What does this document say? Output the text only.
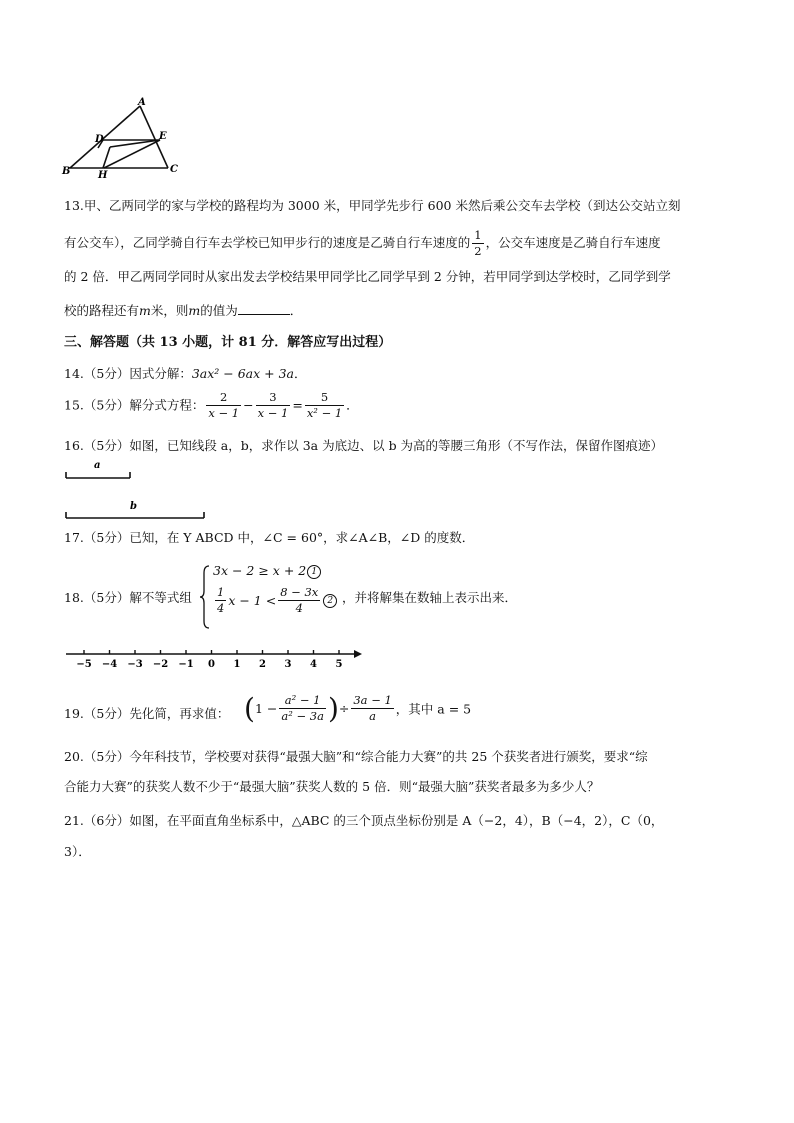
A
D	E
B	H
C
13.甲、乙两同学的家与学校的路程均为 3000 米，甲同学先步行 600 米然后乘公交车去学校（到达公交站立刻
有公交车），乙同学骑自行车去学校已知甲步行的速度是乙骑自行车速度的 $\frac{1}{2}$ ，公交车速度是乙骑自行车速度
的 2 倍．甲乙两同学同时从家出发去学校结果甲同学比乙同学早到 2 分钟，若甲同学到达学校时，乙同学到学
校的路程还有m米，则m的值为	．
三、解答题（共 13 小题，计 81 分．解答应写出过程）
14.（5分）因式分解：3ax² − 6ax + 3a．
15.（5分）解分式方程： $\frac{2}{x - 1} - \frac{3}{x - 1} = \frac{5}{\text{x² − 1}}$ ．
16.（5分）如图，已知线段 a，b，求作以 3a 为底边、以 b 为高的等腰三角形（不写作法，保留作图痕迹）
a
b
17.（5分）已知，在 Y ABCD 中，∠C = 60°，求∠A∠B，∠D 的度数．
18.（5分）解不等式组
3x − 2 ≥ x + 2 1
$\frac{1}{4}$ $x - 1 < \frac{8 - 3x}{4} 2$ ，并将解集在数轴上表示出来．
−5 −4 −3 −2 −1 0 1 2 3 4 5
19.（5分）先化简，再求值： ($1 - \frac{\text{a² − 1}}{\text{a² − 3a}}$ )÷ $\frac{3a - 1}{a}$ ，其中 a = 5
20.（5分）今年科技节，学校要对获得“最强大脑”和“综合能力大赛”的共 25 个获奖者进行颁奖，要求“综
合能力大赛”的获奖人数不少于“最强大脑”获奖人数的 5 倍．则“最强大脑”获奖者最多为多少人？
21.（6分）如图，在平面直角坐标系中，△ABC 的三个顶点坐标份别是 A（−2，4），B（−4，2），C（0，
3）．
